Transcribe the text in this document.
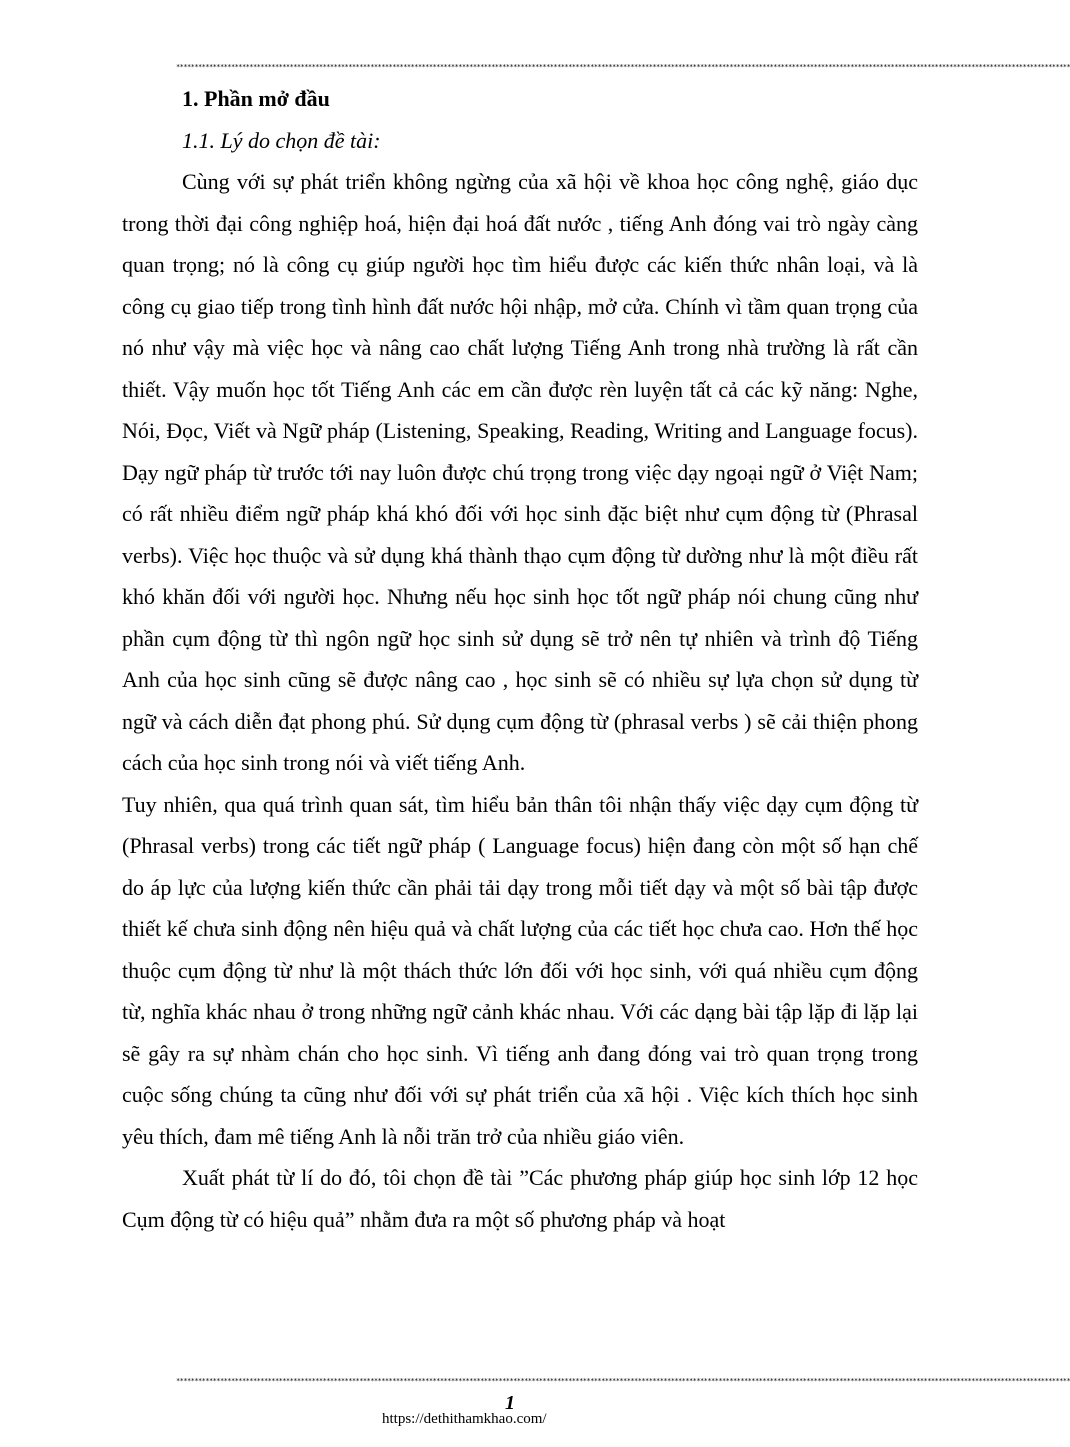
****************************************************************************************************************************************************************************************************************************************************

1. Phần mở đầu

1.1. Lý do chọn đề tài:

Cùng với sự phát triển không ngừng của xã hội về khoa học công nghệ, giáo dục trong thời đại công nghiệp hoá, hiện đại hoá đất nước , tiếng Anh đóng vai trò ngày càng quan trọng; nó là công cụ giúp người học tìm hiểu được các kiến thức nhân loại, và là công cụ giao tiếp trong tình hình đất nước hội nhập, mở cửa. Chính vì tầm quan trọng của nó như vậy mà việc học và nâng cao chất lượng Tiếng Anh trong nhà trường là rất cần thiết. Vậy muốn học tốt Tiếng Anh các em cần được rèn luyện tất cả các kỹ năng: Nghe, Nói, Đọc, Viết và Ngữ pháp (Listening, Speaking, Reading, Writing and Language focus). Dạy ngữ pháp từ trước tới nay luôn được chú trọng trong việc dạy ngoại ngữ ở Việt Nam; có rất nhiều điểm ngữ pháp khá khó đối với học sinh đặc biệt như cụm động từ (Phrasal verbs). Việc học thuộc và sử dụng khá thành thạo cụm động từ dường như là một điều rất khó khăn đối với người học. Nhưng nếu học sinh học tốt ngữ pháp nói chung cũng như phần cụm động từ thì ngôn ngữ học sinh sử dụng sẽ trở nên tự nhiên và trình độ Tiếng Anh của học sinh cũng sẽ được nâng cao , học sinh sẽ có nhiều sự lựa chọn sử dụng từ ngữ và cách diễn đạt phong phú. Sử dụng cụm động từ (phrasal verbs ) sẽ cải thiện phong cách của học sinh trong nói và viết tiếng Anh.

Tuy nhiên, qua quá trình quan sát, tìm hiểu bản thân tôi nhận thấy việc dạy cụm động từ (Phrasal verbs) trong các tiết ngữ pháp ( Language focus) hiện đang còn một số hạn chế do áp lực của lượng kiến thức cần phải tải dạy trong mỗi tiết dạy và một số bài tập được thiết kế chưa sinh động nên hiệu quả và chất lượng của các tiết học chưa cao. Hơn thế học thuộc cụm động từ như là một thách thức lớn đối với học sinh, với quá nhiều cụm động từ, nghĩa khác nhau ở trong những ngữ cảnh khác nhau. Với các dạng bài tập lặp đi lặp lại sẽ gây ra sự nhàm chán cho học sinh. Vì tiếng anh đang đóng vai trò quan trọng trong cuộc sống chúng ta cũng như đối với sự phát triển của xã hội . Việc kích thích học sinh yêu thích, đam mê tiếng Anh là nỗi trăn trở của nhiều giáo viên.

Xuất phát từ lí do đó, tôi chọn đề tài ”Các phương pháp giúp học sinh lớp 12 học Cụm động từ có hiệu quả” nhằm đưa ra một số phương pháp và hoạt

****************************************************************************************************************************************************************************************************************************************************
1
https://dethithamkhao.com/
